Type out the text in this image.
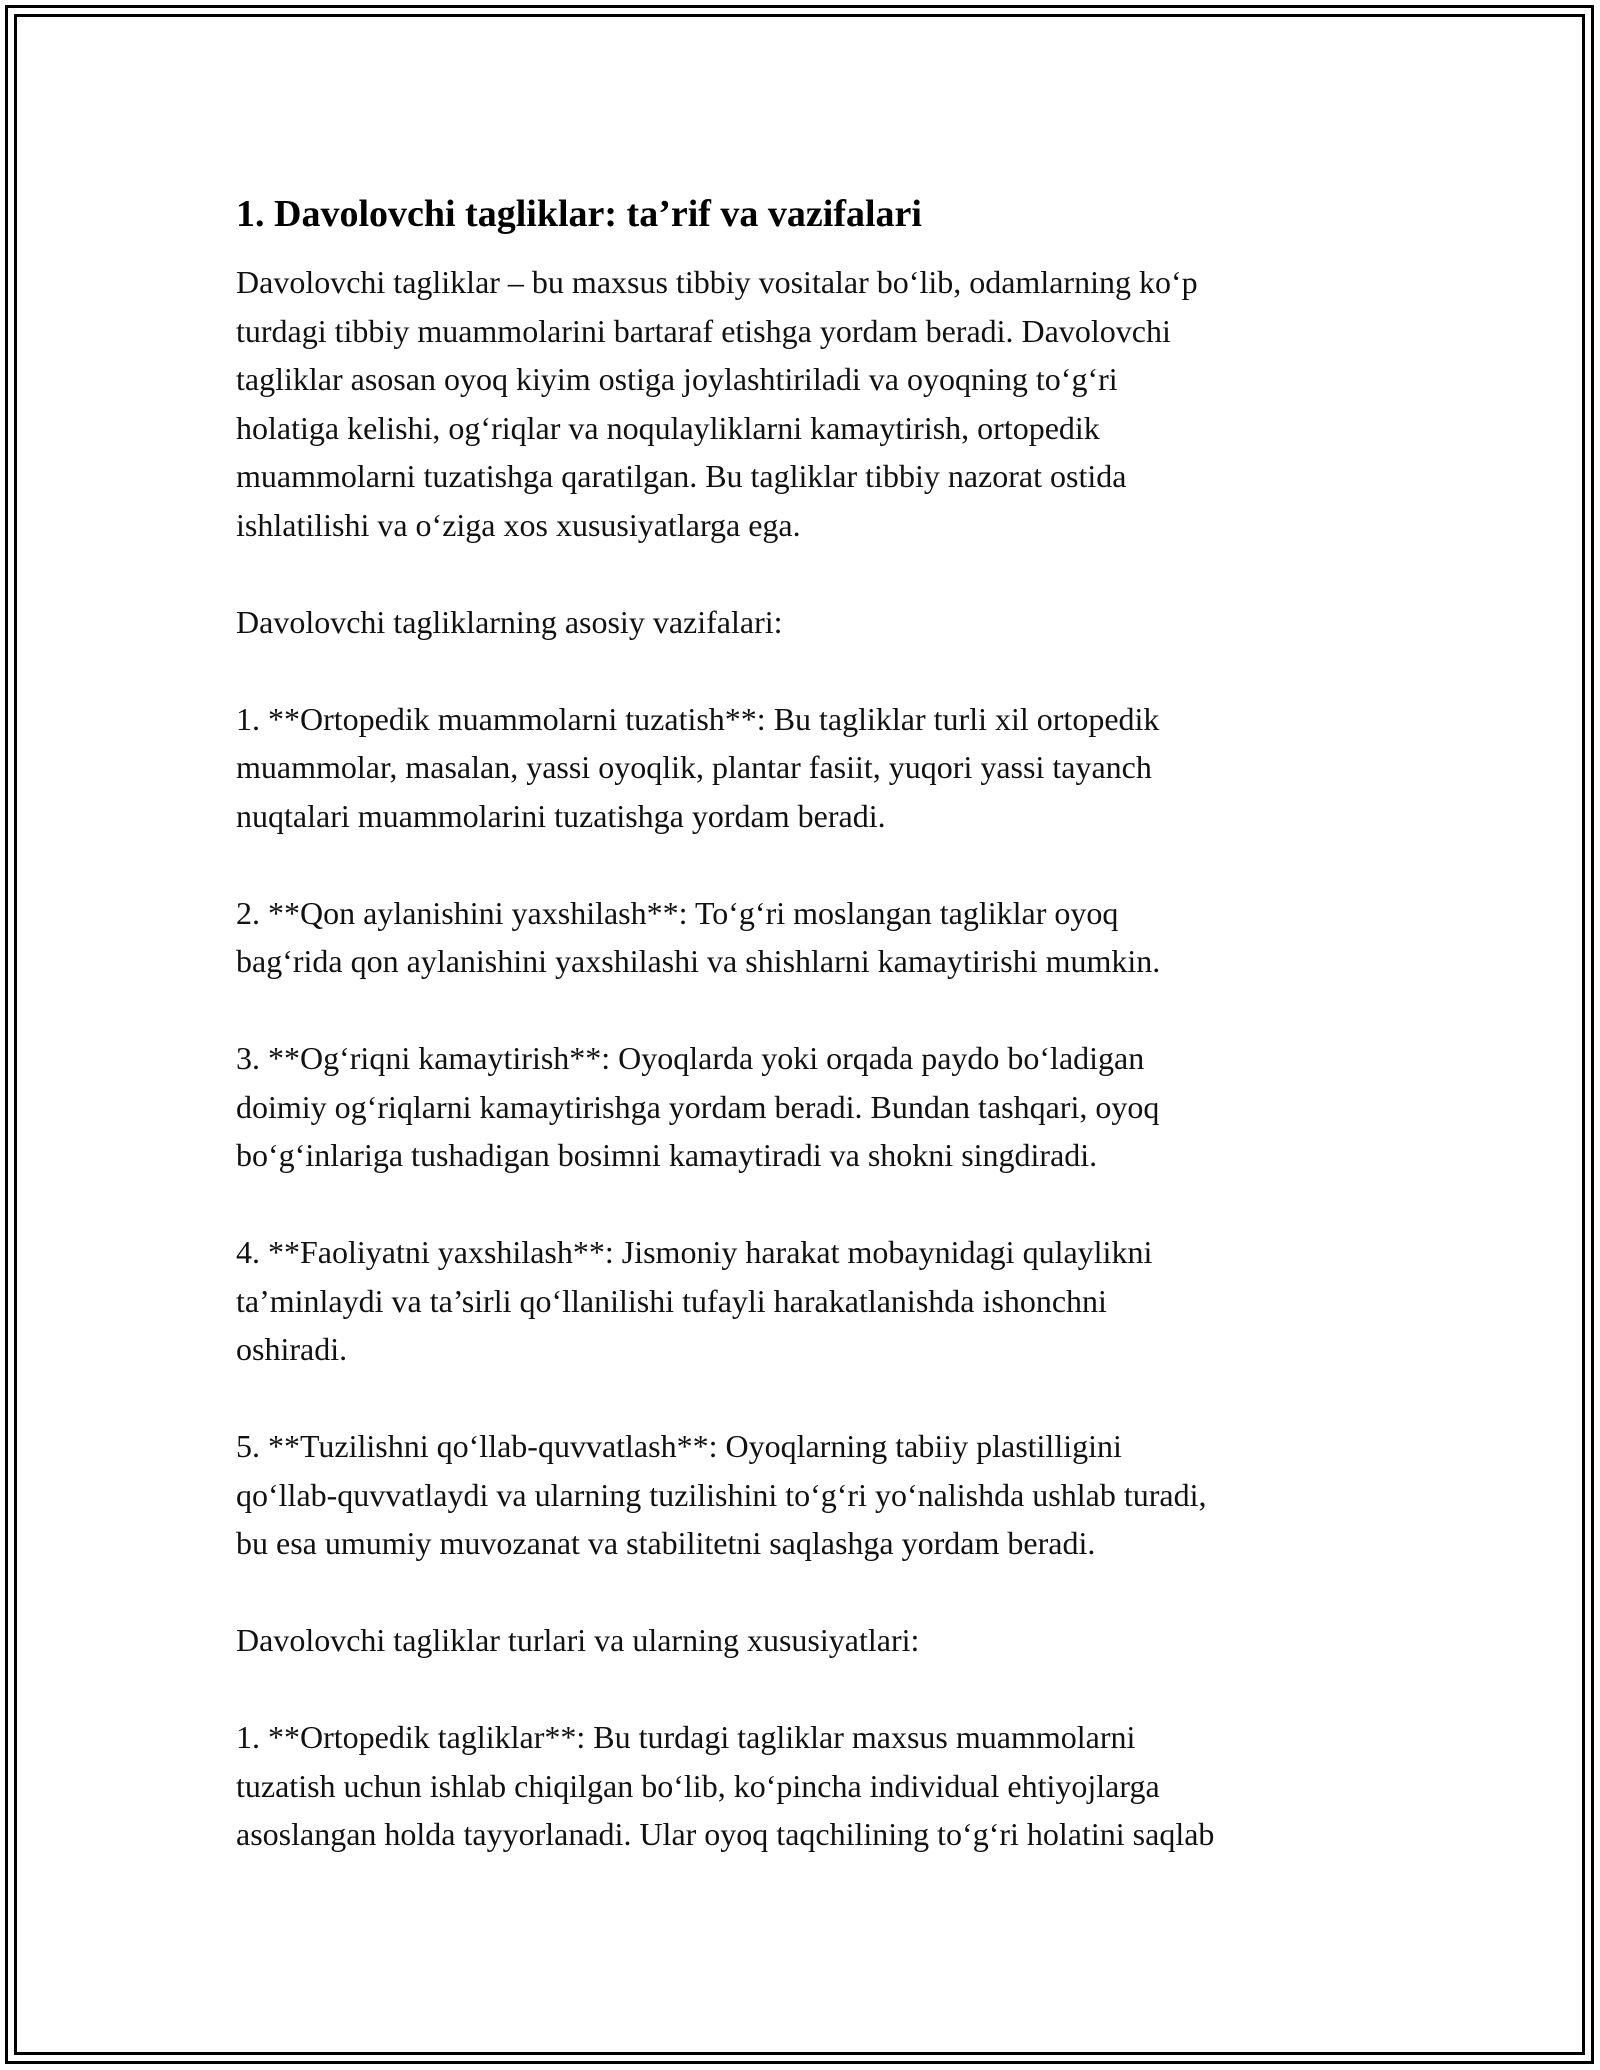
1. Davolovchi tagliklar: ta’rif va vazifalari
Davolovchi tagliklar – bu maxsus tibbiy vositalar bo‘lib, odamlarning ko‘p
turdagi tibbiy muammolarini bartaraf etishga yordam beradi. Davolovchi
tagliklar asosan oyoq kiyim ostiga joylashtiriladi va oyoqning to‘g‘ri
holatiga kelishi, og‘riqlar va noqulayliklarni kamaytirish, ortopedik
muammolarni tuzatishga qaratilgan. Bu tagliklar tibbiy nazorat ostida
ishlatilishi va o‘ziga xos xususiyatlarga ega.
Davolovchi tagliklarning asosiy vazifalari:
1. **Ortopedik muammolarni tuzatish**: Bu tagliklar turli xil ortopedik
muammolar, masalan, yassi oyoqlik, plantar fasiit, yuqori yassi tayanch
nuqtalari muammolarini tuzatishga yordam beradi.
2. **Qon aylanishini yaxshilash**: To‘g‘ri moslangan tagliklar oyoq
bag‘rida qon aylanishini yaxshilashi va shishlarni kamaytirishi mumkin.
3. **Og‘riqni kamaytirish**: Oyoqlarda yoki orqada paydo bo‘ladigan
doimiy og‘riqlarni kamaytirishga yordam beradi. Bundan tashqari, oyoq
bo‘g‘inlariga tushadigan bosimni kamaytiradi va shokni singdiradi.
4. **Faoliyatni yaxshilash**: Jismoniy harakat mobaynidagi qulaylikni
ta’minlaydi va ta’sirli qo‘llanilishi tufayli harakatlanishda ishonchni
oshiradi.
5. **Tuzilishni qo‘llab-quvvatlash**: Oyoqlarning tabiiy plastilligini
qo‘llab-quvvatlaydi va ularning tuzilishini to‘g‘ri yo‘nalishda ushlab turadi,
bu esa umumiy muvozanat va stabilitetni saqlashga yordam beradi.
Davolovchi tagliklar turlari va ularning xususiyatlari:
1. **Ortopedik tagliklar**: Bu turdagi tagliklar maxsus muammolarni
tuzatish uchun ishlab chiqilgan bo‘lib, ko‘pincha individual ehtiyojlarga
asoslangan holda tayyorlanadi. Ular oyoq taqchilining to‘g‘ri holatini saqlab
